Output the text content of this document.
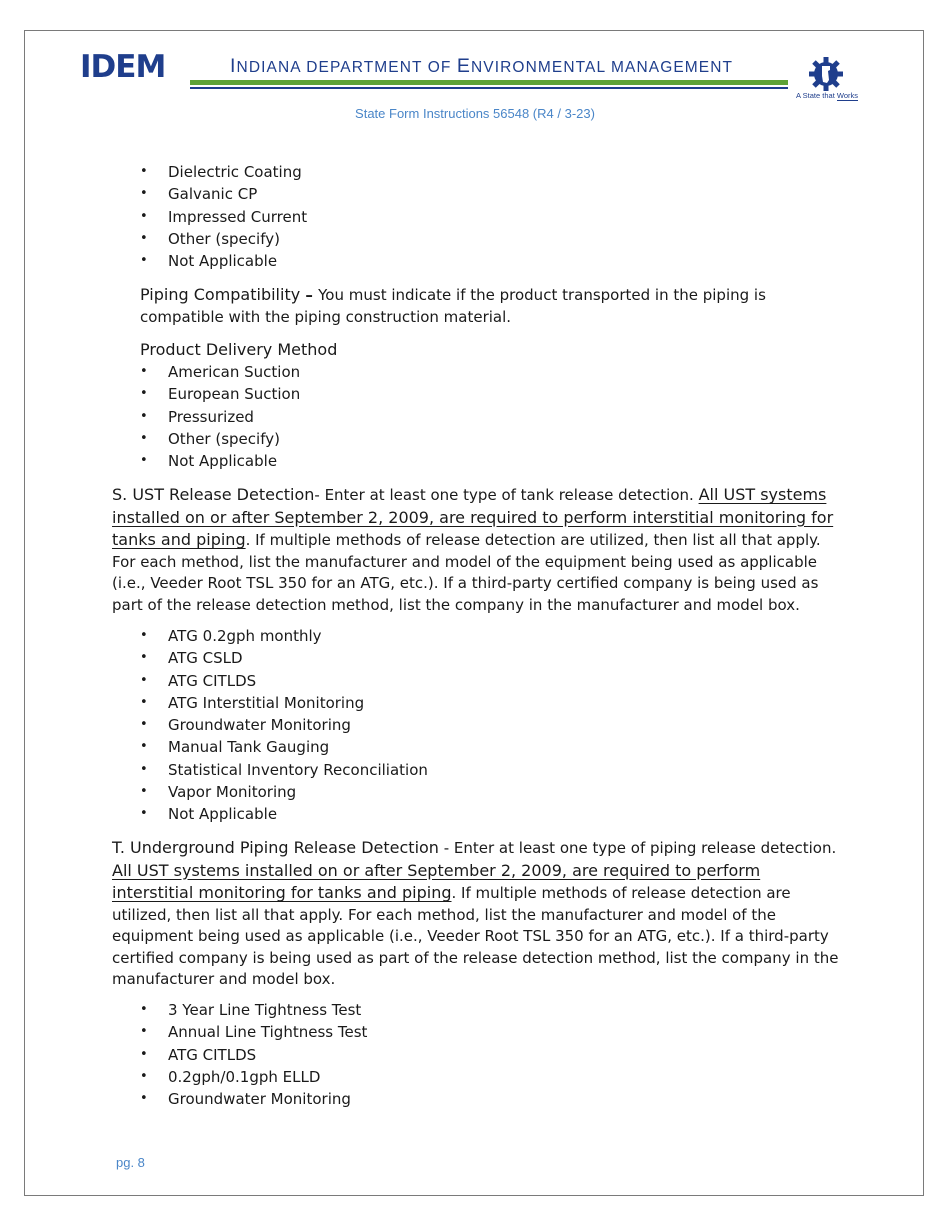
IDEM	INDIANA DEPARTMENT OF ENVIRONMENTAL MANAGEMENT
A State that Works
State Form Instructions 56548 (R4 / 3-23)
• Dielectric Coating
• Galvanic CP
• Impressed Current
• Other (specify)
• Not Applicable
Piping Compatibility – You must indicate if the product transported in the piping is compatible with the piping construction material.
Product Delivery Method
• American Suction
• European Suction
• Pressurized
• Other (specify)
• Not Applicable
S. UST Release Detection- Enter at least one type of tank release detection. All UST systems installed on or after September 2, 2009, are required to perform interstitial monitoring for tanks and piping. If multiple methods of release detection are utilized, then list all that apply. For each method, list the manufacturer and model of the equipment being used as applicable (i.e., Veeder Root TSL 350 for an ATG, etc.). If a third-party certified company is being used as part of the release detection method, list the company in the manufacturer and model box.
• ATG 0.2gph monthly
• ATG CSLD
• ATG CITLDS
• ATG Interstitial Monitoring
• Groundwater Monitoring
• Manual Tank Gauging
• Statistical Inventory Reconciliation
• Vapor Monitoring
• Not Applicable
T. Underground Piping Release Detection - Enter at least one type of piping release detection. All UST systems installed on or after September 2, 2009, are required to perform interstitial monitoring for tanks and piping. If multiple methods of release detection are utilized, then list all that apply. For each method, list the manufacturer and model of the equipment being used as applicable (i.e., Veeder Root TSL 350 for an ATG, etc.). If a third-party certified company is being used as part of the release detection method, list the company in the manufacturer and model box.
• 3 Year Line Tightness Test
• Annual Line Tightness Test
• ATG CITLDS
• 0.2gph/0.1gph ELLD
• Groundwater Monitoring
pg. 8
